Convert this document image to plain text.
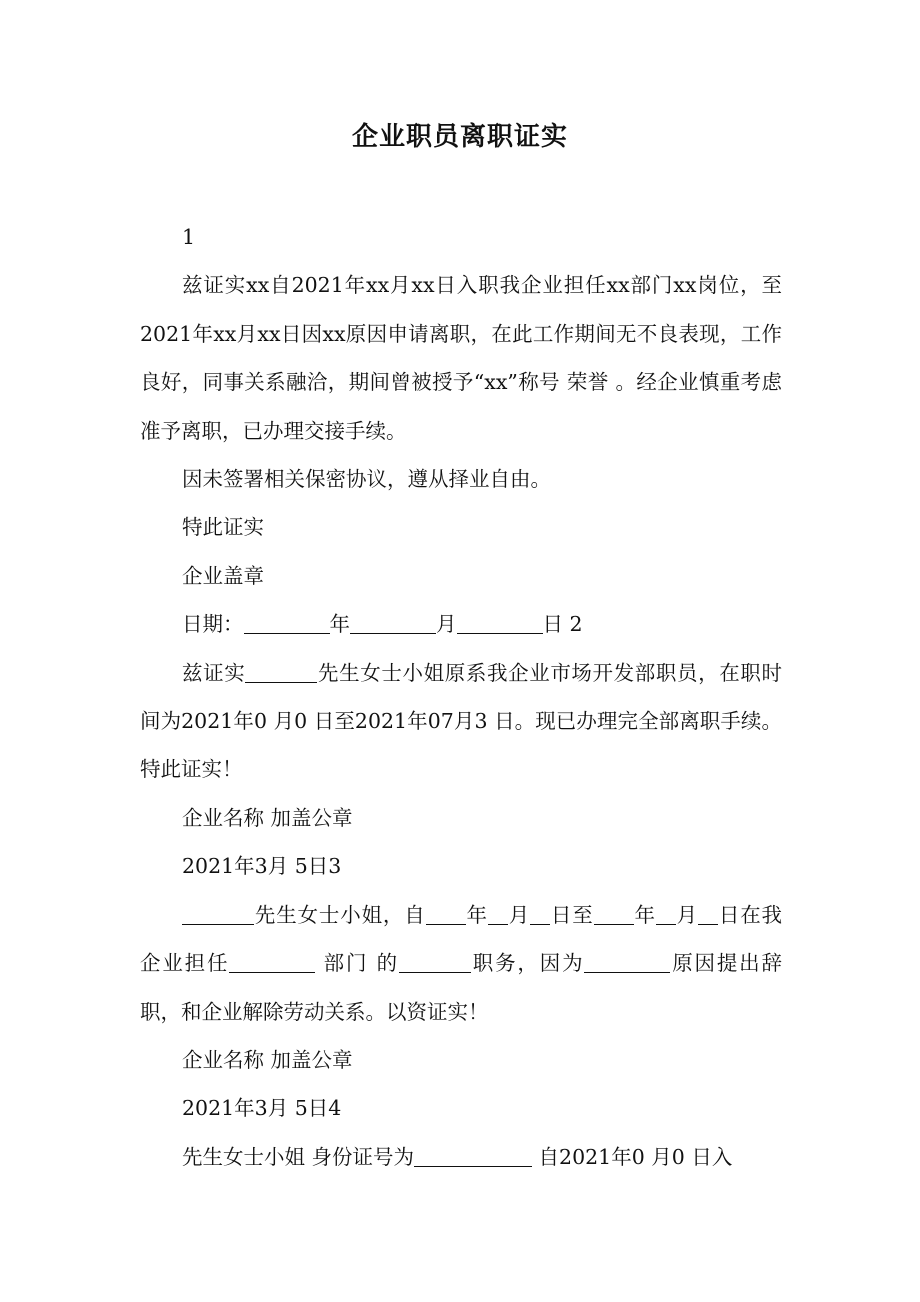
企业职员离职证实

1

兹证实xx自2021年xx月xx日入职我企业担任xx部门xx岗位，至2021年xx月xx日因xx原因申请离职，在此工作期间无不良表现，工作良好，同事关系融洽，期间曾被授予“xx”称号 荣誉 。经企业慎重考虑准予离职，已办理交接手续。

因未签署相关保密协议，遵从择业自由。

特此证实

企业盖章

日期：	年	月	日 2

兹证实	先生女士小姐原系我企业市场开发部职员，在职时间为2021年0 月0 日至2021年07月3 日。现已办理完全部离职手续。特此证实！

企业名称 加盖公章

2021年3月 5日3

先生女士小姐，自 年 月 日至 年 月 日在我企业担任	部门 的	职务，因为	原因提出辞职，和企业解除劳动关系。以资证实！

企业名称 加盖公章

2021年3月 5日4

先生女士小姐 身份证号为	自2021年0 月0 日入
